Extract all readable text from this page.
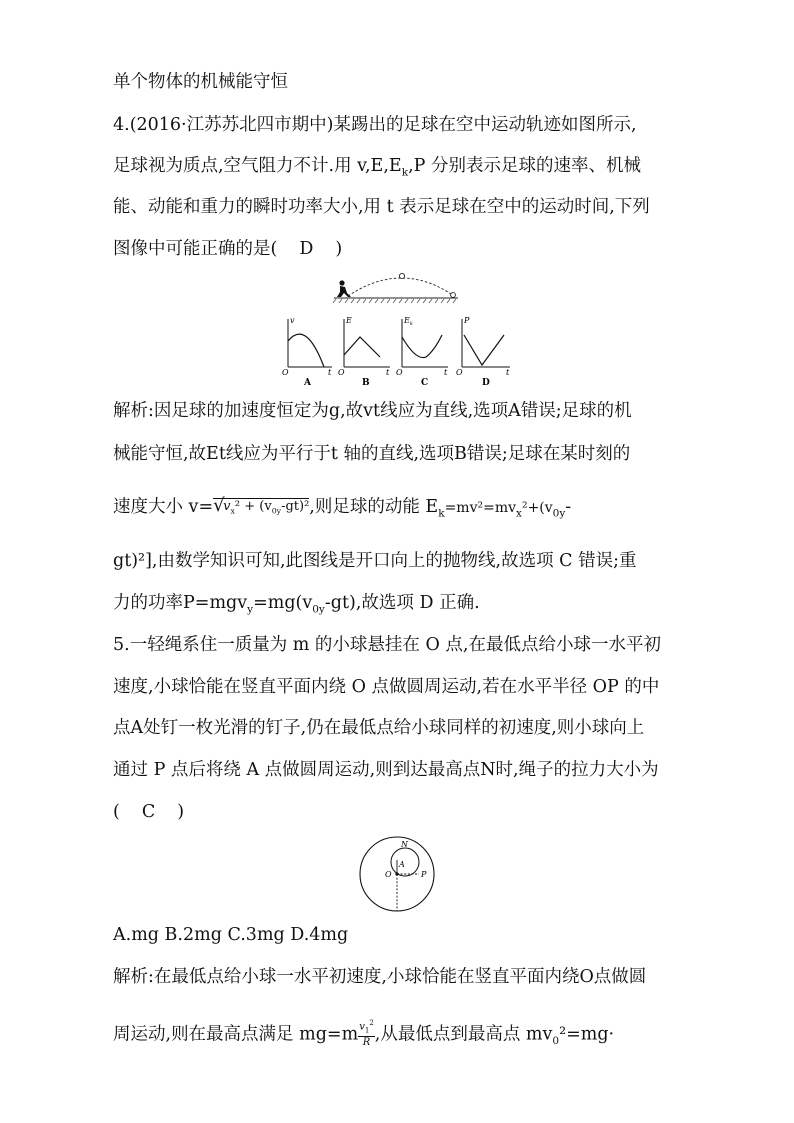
单个物体的机械能守恒
4.(2016·江苏苏北四市期中)某踢出的足球在空中运动轨迹如图所示,
足球视为质点,空气阻力不计.用 $v,E,E_k,P$ 分别表示足球的速率、机械
能、动能和重力的瞬时功率大小,用 t 表示足球在空中的运动时间,下列
图像中可能正确的是( D )
v
O	t
A
E
O	t
B
$E_k$
O	t
C
P
O	t
D
解析:因足球的加速度恒定为g,故vt线应为直线,选项A错误;足球的机
械能守恒,故Et线应为平行于t 轴的直线,选项B错误;足球在某时刻的
速度大小 v= √
$v_x^2 + (v_{0y}-gt)^2$,则足球的动能 $E_k=mv^2=mv_x^2+(v_{0y}-$
gt)²],由数学知识可知,此图线是开口向上的抛物线,故选项 C 错误;重
力的功率$P=mgv_y=mg(v_{0y}-gt)$,故选项 D 正确.
5.一轻绳系住一质量为 m 的小球悬挂在 O 点,在最低点给小球一水平初
速度,小球恰能在竖直平面内绕 O 点做圆周运动,若在水平半径 OP 的中
点A处钉一枚光滑的钉子,仍在最低点给小球同样的初速度,则小球向上
通过 P 点后将绕 A 点做圆周运动,则到达最高点N时,绳子的拉力大小为
( C )
N
A
O	P
A.mg B.2mg C.3mg D.4mg
解析:在最低点给小球一水平初速度,小球恰能在竖直平面内绕O点做圆
周运动,则在最高点满足 $mg=m \frac{v_1^2}{R}$ ,从最低点到最高点 $mv_0^2=mg\cdot$
